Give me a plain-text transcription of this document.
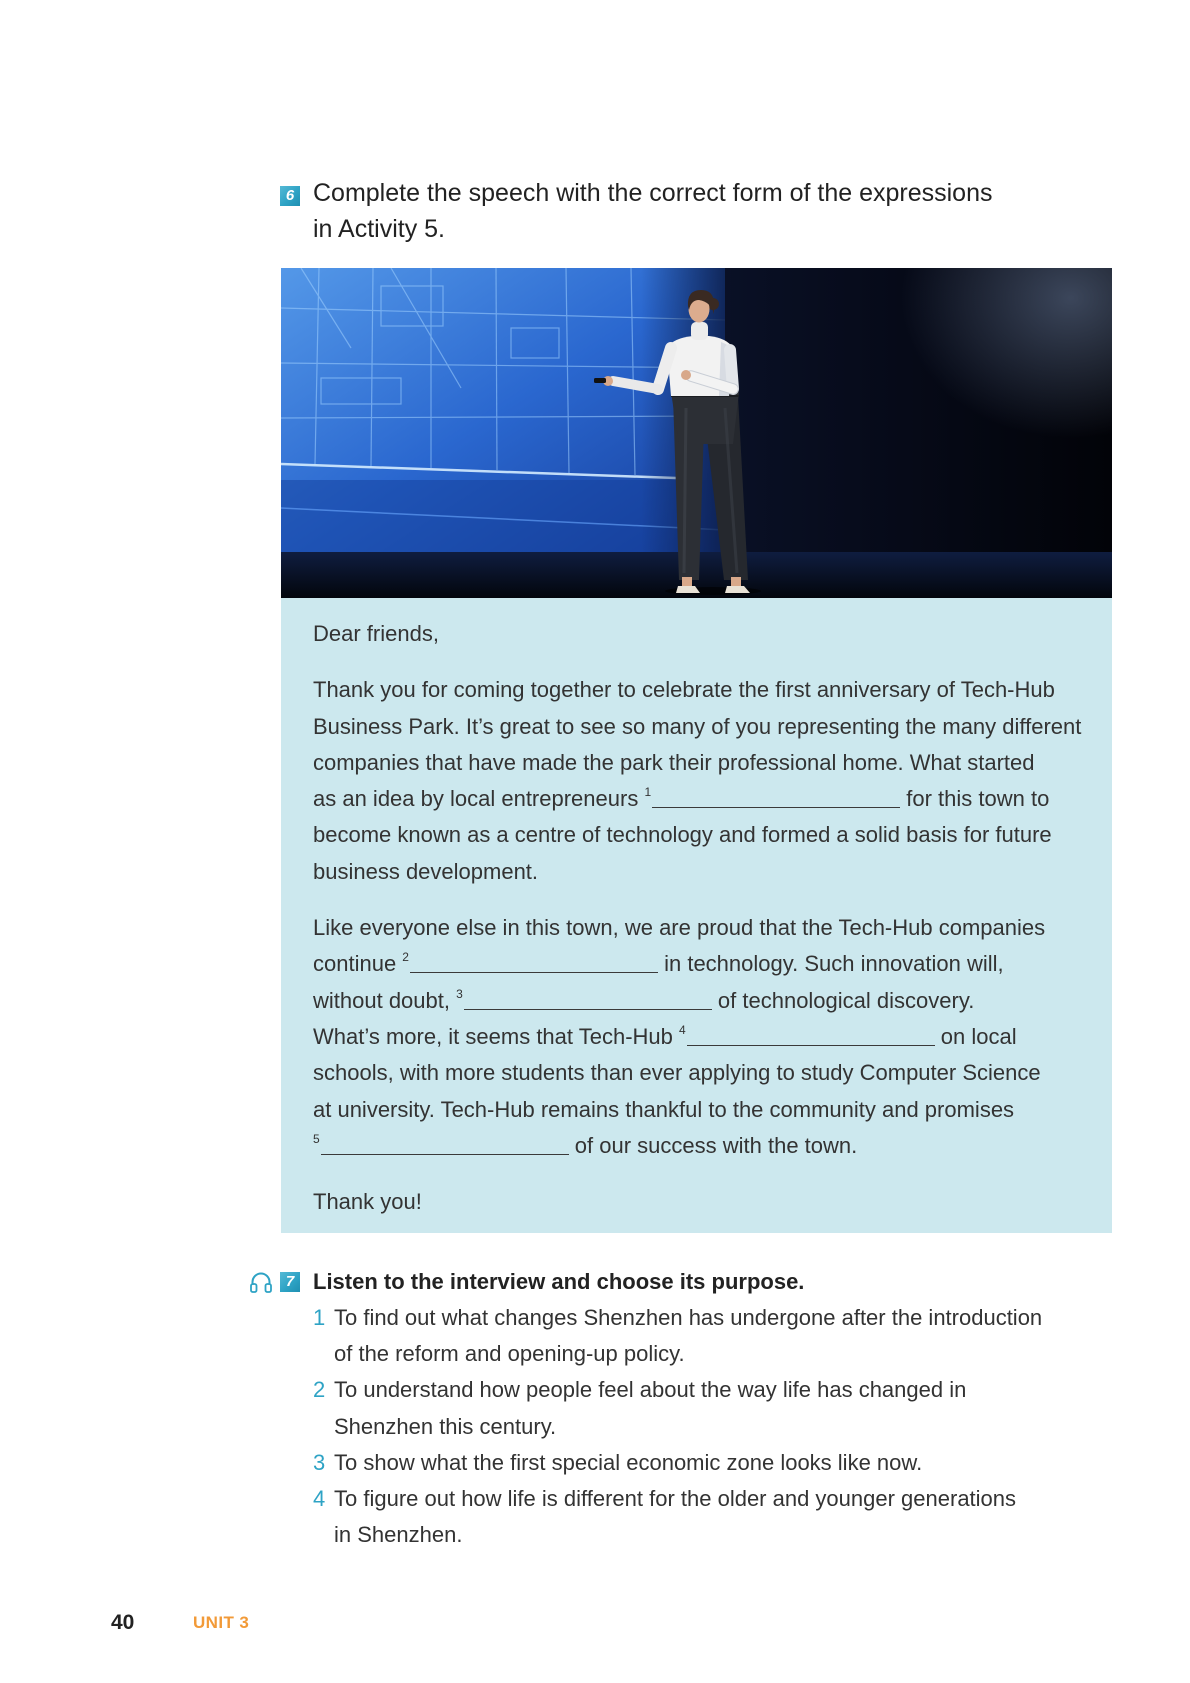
6 Complete the speech with the correct form of the expressions
in Activity 5.
Dear friends,
Thank you for coming together to celebrate the first anniversary of Tech-Hub
Business Park. It’s great to see so many of you representing the many different
companies that have made the park their professional home. What started
as an idea by local entrepreneurs $^1$	for this town to
become known as a centre of technology and formed a solid basis for future
business development.
Like everyone else in this town, we are proud that the Tech-Hub companies
continue $^2$	in technology. Such innovation will,
without doubt, $^3$	of technological discovery.
What’s more, it seems that Tech-Hub $^4$	on local
schools, with more students than ever applying to study Computer Science
at university. Tech-Hub remains thankful to the community and promises
$^5$	of our success with the town.
Thank you!
7 Listen to the interview and choose its purpose.
1 To find out what changes Shenzhen has undergone after the introduction
of the reform and opening-up policy.
2 To understand how people feel about the way life has changed in
Shenzhen this century.
3 To show what the first special economic zone looks like now.
4 To figure out how life is different for the older and younger generations
in Shenzhen.
40	UNIT 3
